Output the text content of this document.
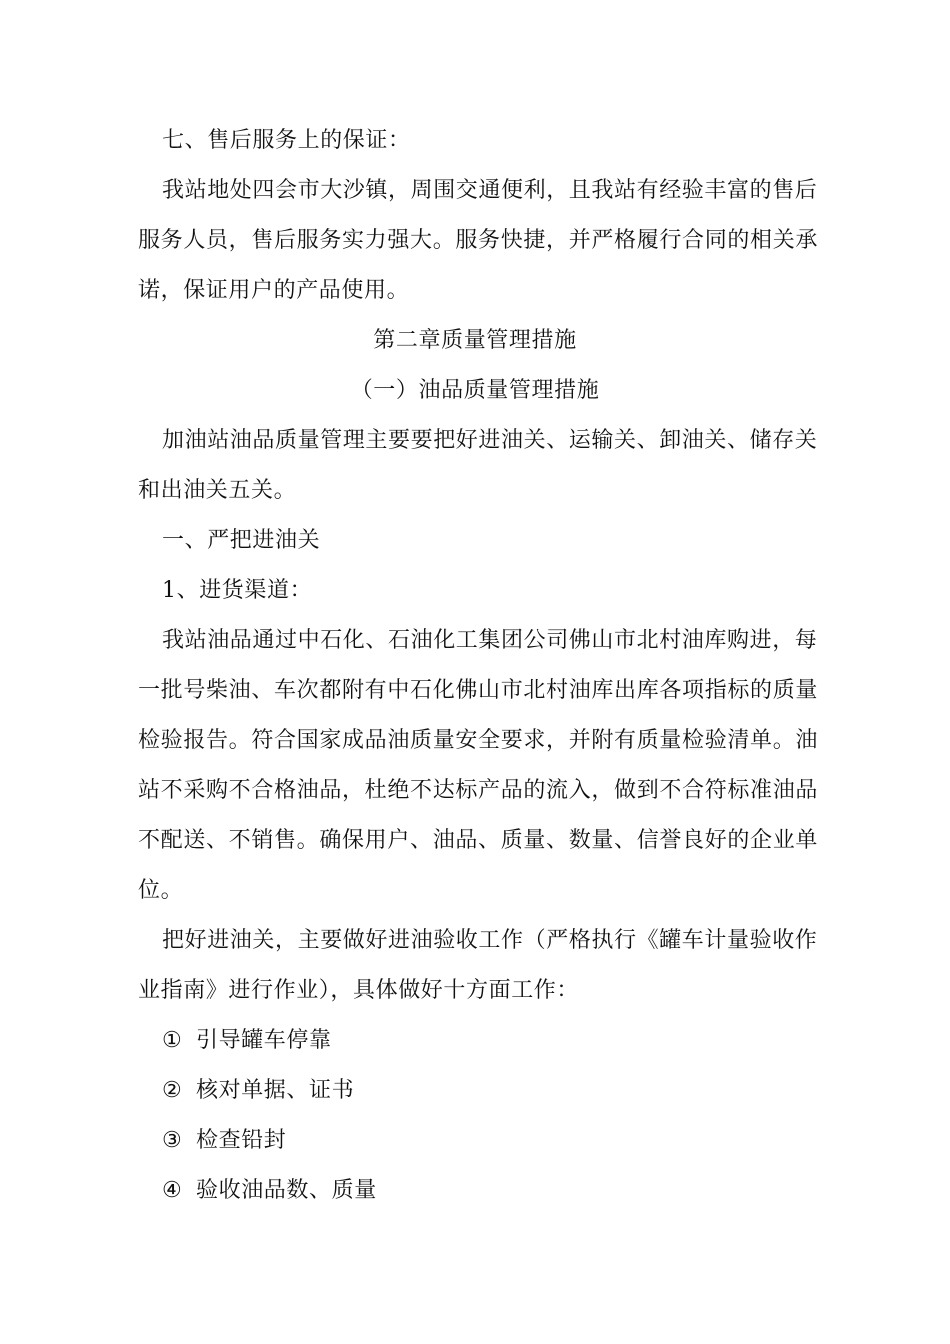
七、售后服务上的保证：
我站地处四会市大沙镇，周围交通便利，且我站有经验丰富的售后
服务人员，售后服务实力强大。服务快捷，并严格履行合同的相关承
诺，保证用户的产品使用。
第二章质量管理措施
（一）油品质量管理措施
加油站油品质量管理主要要把好进油关、运输关、卸油关、储存关
和出油关五关。
一、严把进油关
1、进货渠道：
我站油品通过中石化、石油化工集团公司佛山市北村油库购进，每
一批号柴油、车次都附有中石化佛山市北村油库出库各项指标的质量
检验报告。符合国家成品油质量安全要求，并附有质量检验清单。油
站不采购不合格油品，杜绝不达标产品的流入，做到不合符标准油品
不配送、不销售。确保用户、油品、质量、数量、信誉良好的企业单
位。
把好进油关，主要做好进油验收工作（严格执行《罐车计量验收作
业指南》进行作业），具体做好十方面工作：
① 引导罐车停靠
② 核对单据、证书
③ 检查铅封
④ 验收油品数、质量
